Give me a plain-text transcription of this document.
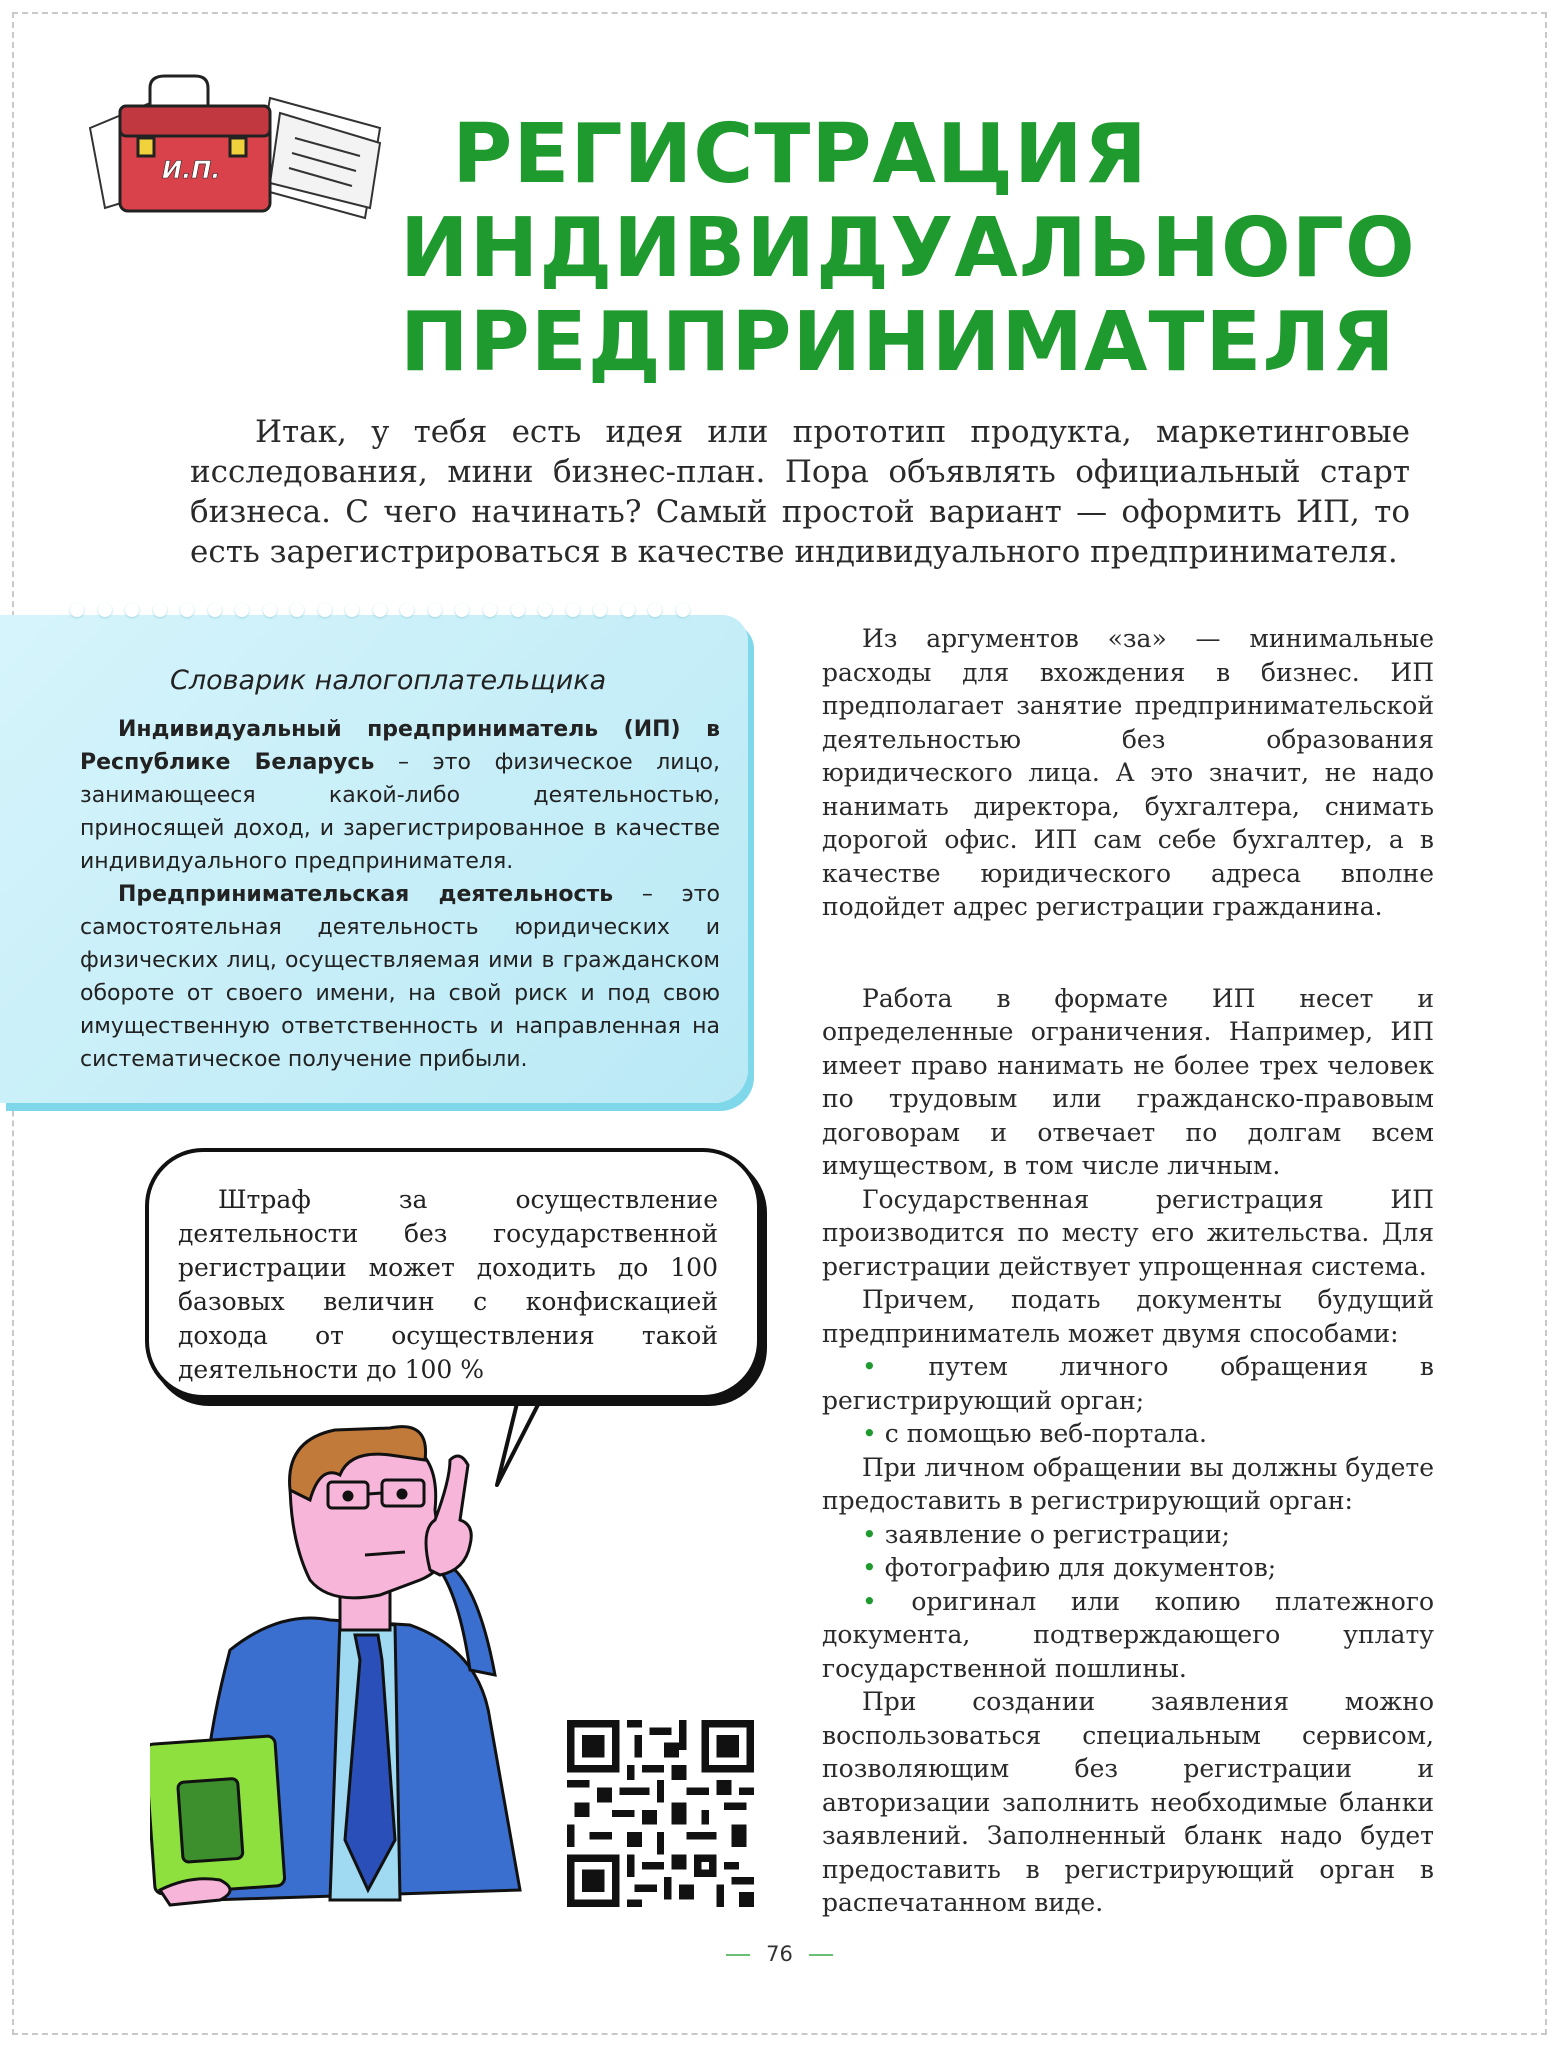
И.П.	РЕГИСТРАЦИЯ
ИНДИВИДУАЛЬНОГО
ПРЕДПРИНИМАТЕЛЯ

Итак, у тебя есть идея или прототип продукта, маркетинговые исследования, мини бизнес-план. Пора объявлять официальный старт бизнеса. С чего начинать? Самый простой вариант — оформить ИП, то есть зарегистрироваться в качестве индивидуального предпринимателя.

Словарик налогоплательщика

Индивидуальный предприниматель (ИП) в Республике Беларусь – это физическое лицо, занимающееся какой-либо деятельностью, приносящей доход, и зарегистрированное в качестве индивидуального предпринимателя.

Предпринимательская деятельность – это самостоятельная деятельность юридических и физических лиц, осуществляемая ими в гражданском обороте от своего имени, на свой риск и под свою имущественную ответственность и направленная на систематическое получение прибыли.

Штраф за осуществление деятельности без государственной регистрации может доходить до 100 базовых величин с конфискацией дохода от осуществления такой деятельности до 100 %

Из аргументов «за» — минимальные расходы для вхождения в бизнес. ИП предполагает занятие предпринимательской деятельностью без образования юридического лица. А это значит, не надо нанимать директора, бухгалтера, снимать дорогой офис. ИП сам себе бухгалтер, а в качестве юридического адреса вполне подойдет адрес регистрации гражданина.

Работа в формате ИП несет и определенные ограничения. Например, ИП имеет право нанимать не более трех человек по трудовым или гражданско-правовым договорам и отвечает по долгам всем имуществом, в том числе личным.

Государственная регистрация ИП производится по месту его жительства. Для регистрации действует упрощенная система.

Причем, подать документы будущий предприниматель может двумя способами:

• путем личного обращения в регистрирующий орган;

• с помощью веб-портала.

При личном обращении вы должны будете предоставить в регистрирующий орган:

• заявление о регистрации;

• фотографию для документов;

• оригинал или копию платежного документа, подтверждающего уплату государственной пошлины.

При создании заявления можно воспользоваться специальным сервисом, позволяющим без регистрации и авторизации заполнить необходимые бланки заявлений. Заполненный бланк надо будет предоставить в регистрирующий орган в распечатанном виде.

76
